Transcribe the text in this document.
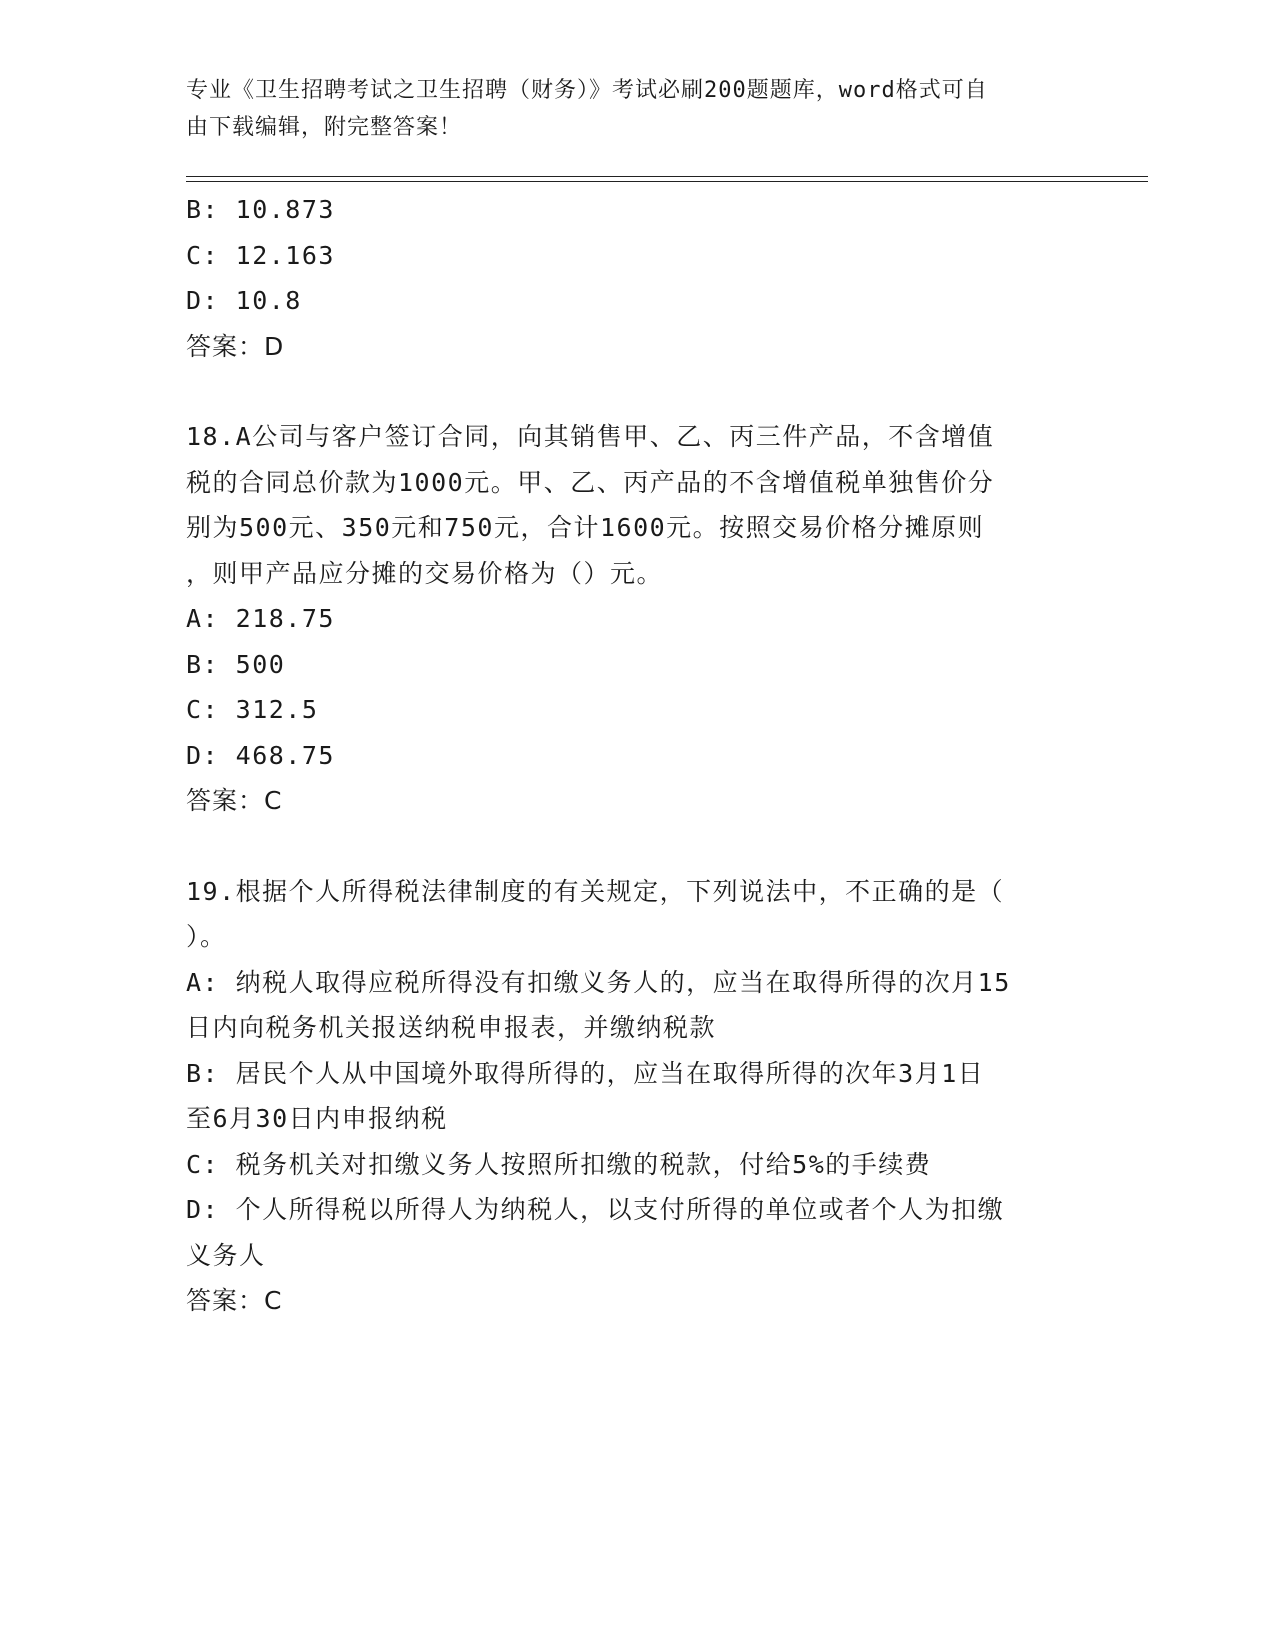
专业《卫生招聘考试之卫生招聘（财务）》考试必刷200题题库，word格式可自
由下载编辑，附完整答案！
B: 10.873
C: 12.163
D: 10.8
答案：D
18.A公司与客户签订合同，向其销售甲、乙、丙三件产品，不含增值
税的合同总价款为1000元。甲、乙、丙产品的不含增值税单独售价分
别为500元、350元和750元，合计1600元。按照交易价格分摊原则
，则甲产品应分摊的交易价格为（）元。
A: 218.75
B: 500
C: 312.5
D: 468.75
答案：C
19.根据个人所得税法律制度的有关规定，下列说法中，不正确的是（
）。
A: 纳税人取得应税所得没有扣缴义务人的，应当在取得所得的次月15
日内向税务机关报送纳税申报表，并缴纳税款
B: 居民个人从中国境外取得所得的，应当在取得所得的次年3月1日
至6月30日内申报纳税
C: 税务机关对扣缴义务人按照所扣缴的税款，付给5%的手续费
D: 个人所得税以所得人为纳税人，以支付所得的单位或者个人为扣缴
义务人
答案：C
